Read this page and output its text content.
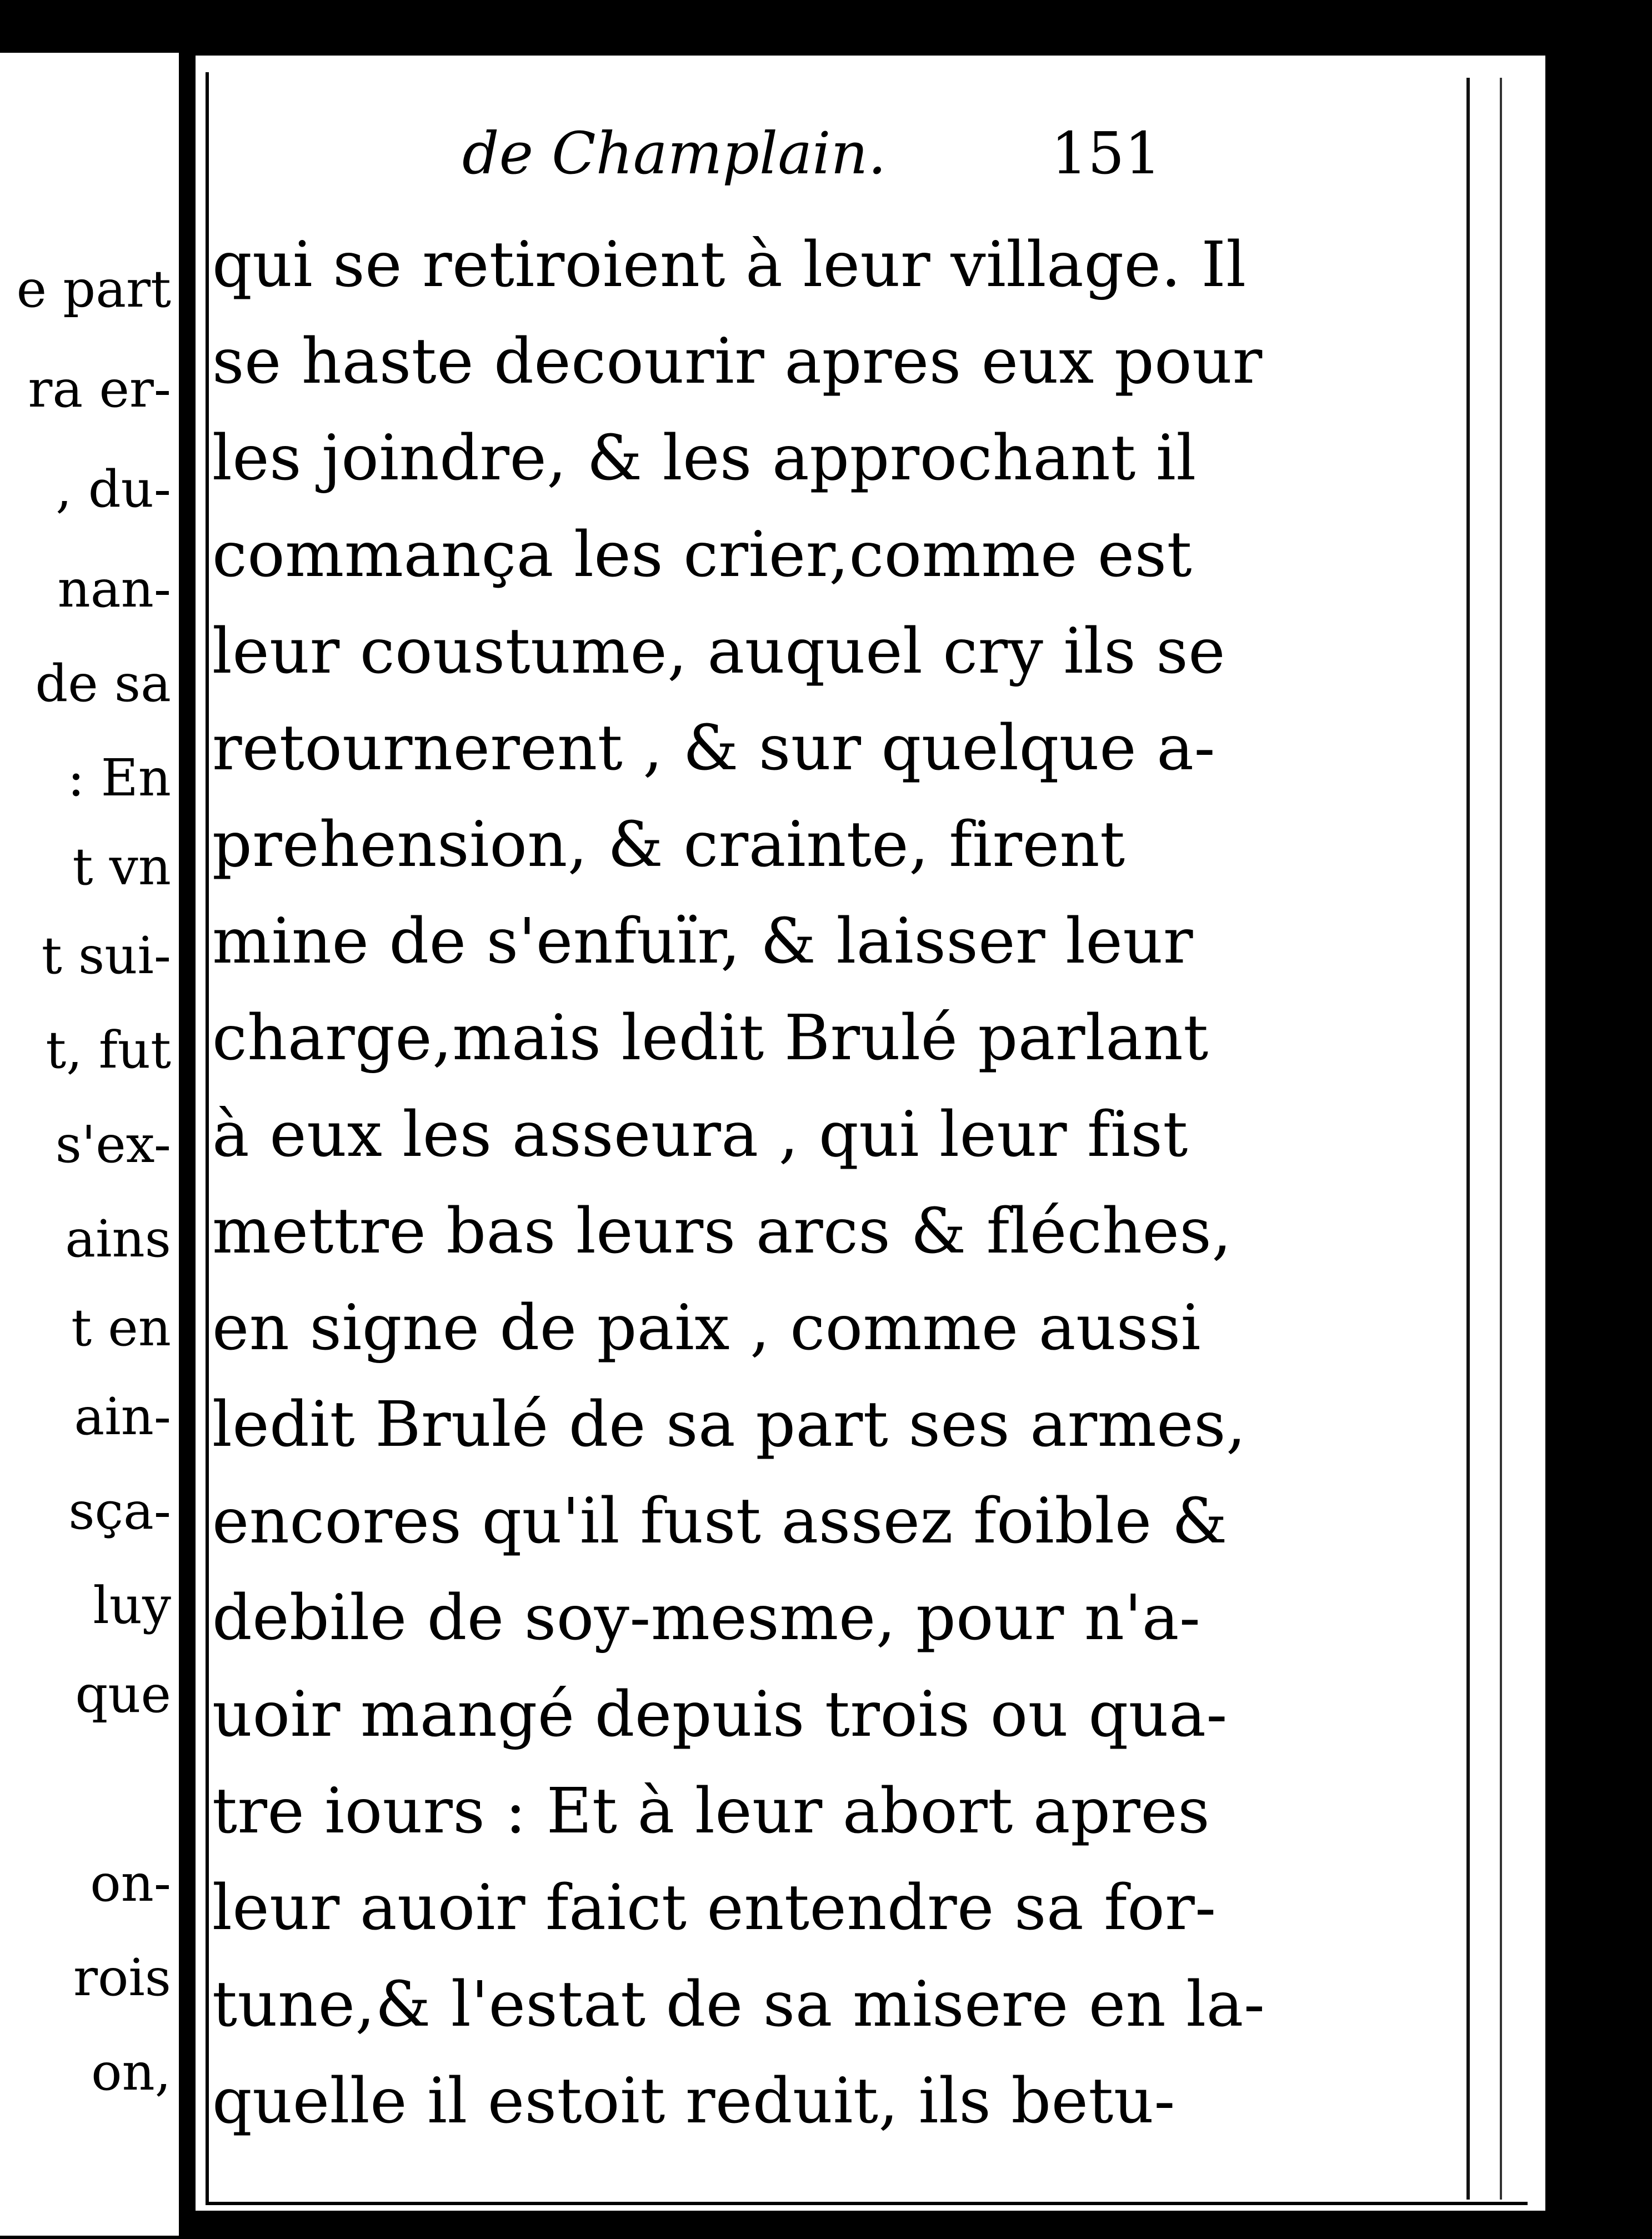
e part
ra er-
, du-
nan-
de sa
: En
t vn
t sui-
t, fut
s'ex-
ains
t en
ain-
sça-
luy
que
on-
rois
on,
de Champlain.	151
qui se retiroient à leur village. Il
se haste decourir apres eux pour
les joindre, & les approchant il
commança les crier,comme est
leur coustume, auquel cry ils se
retournerent , & sur quelque a-
prehension, & crainte, firent
mine de s'enfuïr, & laisser leur
charge,mais ledit Brulé parlant
à eux les asseura , qui leur fist
mettre bas leurs arcs & fléches,
en signe de paix , comme aussi
ledit Brulé de sa part ses armes,
encores qu'il fust assez foible &
debile de soy-mesme, pour n'a-
uoir mangé depuis trois ou qua-
tre iours : Et à leur abort apres
leur auoir faict entendre sa for-
tune,& l'estat de sa misere en la-
quelle il estoit reduit, ils betu-
